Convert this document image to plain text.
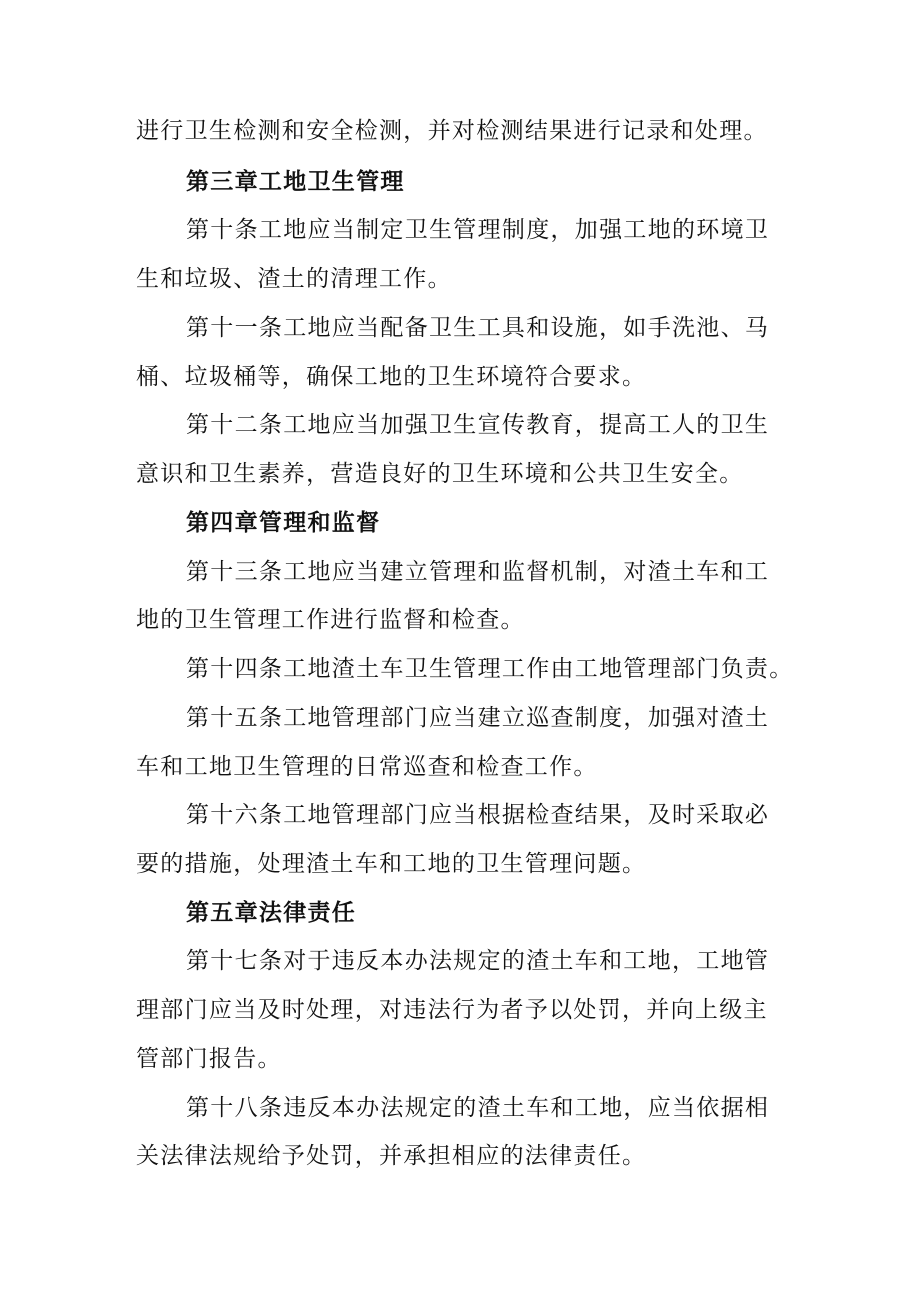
进行卫生检测和安全检测，并对检测结果进行记录和处理。

第三章工地卫生管理

第十条工地应当制定卫生管理制度，加强工地的环境卫

生和垃圾、渣土的清理工作。

第十一条工地应当配备卫生工具和设施，如手洗池、马

桶、垃圾桶等，确保工地的卫生环境符合要求。

第十二条工地应当加强卫生宣传教育，提高工人的卫生

意识和卫生素养，营造良好的卫生环境和公共卫生安全。

第四章管理和监督

第十三条工地应当建立管理和监督机制，对渣土车和工

地的卫生管理工作进行监督和检查。

第十四条工地渣土车卫生管理工作由工地管理部门负责。

第十五条工地管理部门应当建立巡查制度，加强对渣土

车和工地卫生管理的日常巡查和检查工作。

第十六条工地管理部门应当根据检查结果，及时采取必

要的措施，处理渣土车和工地的卫生管理问题。

第五章法律责任

第十七条对于违反本办法规定的渣土车和工地，工地管

理部门应当及时处理，对违法行为者予以处罚，并向上级主

管部门报告。

第十八条违反本办法规定的渣土车和工地，应当依据相

关法律法规给予处罚，并承担相应的法律责任。
